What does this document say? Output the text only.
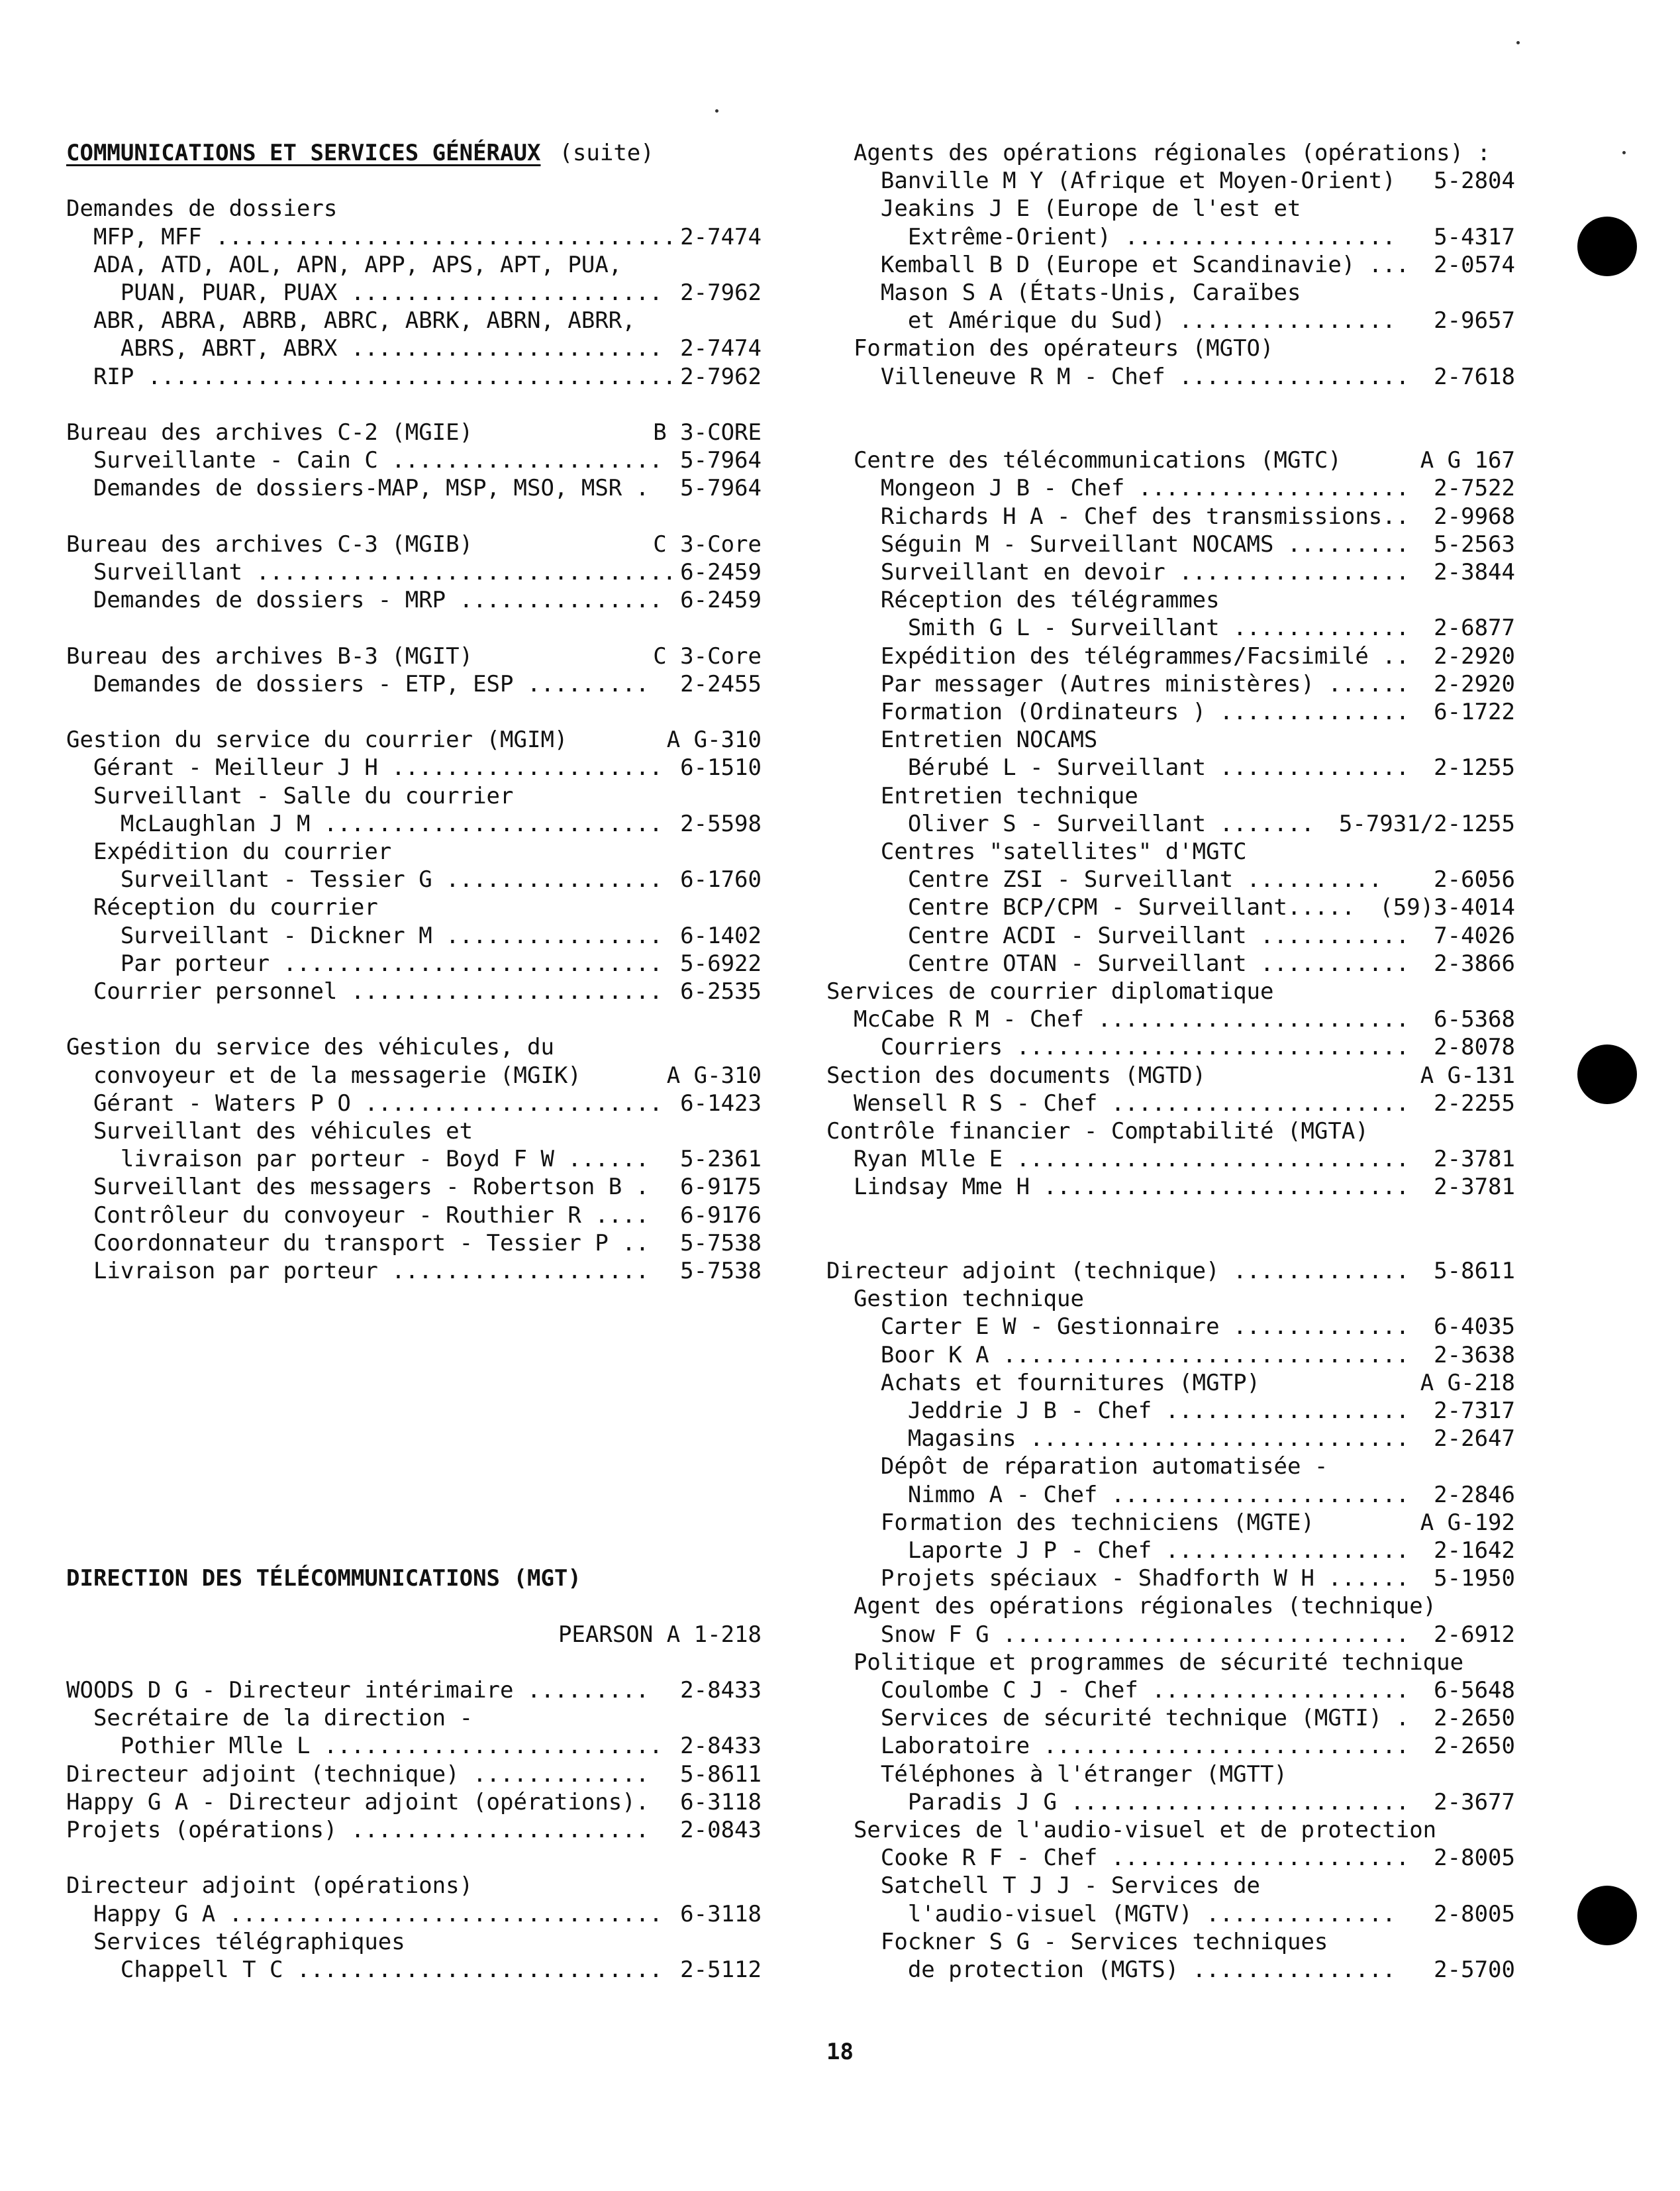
COMMUNICATIONS ET SERVICES GÉNÉRAUX (suite)
Demandes de dossiers
MFP, MFF .................................. 2-7474
ADA, ATD, AOL, APN, APP, APS, APT, PUA,
PUAN, PUAR, PUAX ....................... 2-7962
ABR, ABRA, ABRB, ABRC, ABRK, ABRN, ABRR,
ABRS, ABRT, ABRX ....................... 2-7474
RIP ....................................... 2-7962
Bureau des archives C-2 (MGIE)	B 3-CORE
Surveillante - Cain C .................... 5-7964
Demandes de dossiers-MAP, MSP, MSO, MSR . 5-7964
Bureau des archives C-3 (MGIB)	C 3-Core
Surveillant ............................... 6-2459
Demandes de dossiers - MRP ............... 6-2459
Bureau des archives B-3 (MGIT)	C 3-Core
Demandes de dossiers - ETP, ESP ......... 2-2455
Gestion du service du courrier (MGIM)	A G-310
Gérant - Meilleur J H .................... 6-1510
Surveillant - Salle du courrier
McLaughlan J M ......................... 2-5598
Expédition du courrier
Surveillant - Tessier G ................ 6-1760
Réception du courrier
Surveillant - Dickner M ................ 6-1402
Par porteur ............................ 5-6922
Courrier personnel ....................... 6-2535
Gestion du service des véhicules, du
convoyeur et de la messagerie (MGIK)	A G-310
Gérant - Waters P O ...................... 6-1423
Surveillant des véhicules et
livraison par porteur - Boyd F W ...... 5-2361
Surveillant des messagers - Robertson B . 6-9175
Contrôleur du convoyeur - Routhier R .... 6-9176
Coordonnateur du transport - Tessier P .. 5-7538
Livraison par porteur ................... 5-7538
DIRECTION DES TÉLÉCOMMUNICATIONS (MGT)
PEARSON A 1-218
WOODS D G - Directeur intérimaire ......... 2-8433
Secrétaire de la direction -
Pothier Mlle L ......................... 2-8433
Directeur adjoint (technique) ............. 5-8611
Happy G A - Directeur adjoint (opérations). 6-3118
Projets (opérations) ...................... 2-0843
Directeur adjoint (opérations)
Happy G A ................................ 6-3118
Services télégraphiques
Chappell T C ........................... 2-5112
Agents des opérations régionales (opérations) :
Banville M Y (Afrique et Moyen-Orient) 5-2804
Jeakins J E (Europe de l'est et
Extrême-Orient) .................... 5-4317
Kemball B D (Europe et Scandinavie) ... 2-0574
Mason S A (États-Unis, Caraïbes
et Amérique du Sud) ................ 2-9657
Formation des opérateurs (MGTO)
Villeneuve R M - Chef ................. 2-7618
Centre des télécommunications (MGTC)	A G 167
Mongeon J B - Chef .................... 2-7522
Richards H A - Chef des transmissions.. 2-9968
Séguin M - Surveillant NOCAMS ......... 5-2563
Surveillant en devoir ................. 2-3844
Réception des télégrammes
Smith G L - Surveillant ............. 2-6877
Expédition des télégrammes/Facsimilé .. 2-2920
Par messager (Autres ministères) ...... 2-2920
Formation (Ordinateurs ) .............. 6-1722
Entretien NOCAMS
Bérubé L - Surveillant .............. 2-1255
Entretien technique
Oliver S - Surveillant ....... 5-7931/2-1255
Centres "satellites" d'MGTC
Centre ZSI - Surveillant .......... 2-6056
Centre BCP/CPM - Surveillant..... (59)3-4014
Centre ACDI - Surveillant ........... 7-4026
Centre OTAN - Surveillant ........... 2-3866
Services de courrier diplomatique
McCabe R M - Chef ....................... 6-5368
Courriers ............................. 2-8078
Section des documents (MGTD)	A G-131
Wensell R S - Chef ...................... 2-2255
Contrôle financier - Comptabilité (MGTA)
Ryan Mlle E ............................. 2-3781
Lindsay Mme H ........................... 2-3781
Directeur adjoint (technique) ............. 5-8611
Gestion technique
Carter E W - Gestionnaire ............. 6-4035
Boor K A .............................. 2-3638
Achats et fournitures (MGTP)	A G-218
Jeddrie J B - Chef .................. 2-7317
Magasins ............................ 2-2647
Dépôt de réparation automatisée -
Nimmo A - Chef ...................... 2-2846
Formation des techniciens (MGTE)	A G-192
Laporte J P - Chef .................. 2-1642
Projets spéciaux - Shadforth W H ...... 5-1950
Agent des opérations régionales (technique)
Snow F G .............................. 2-6912
Politique et programmes de sécurité technique
Coulombe C J - Chef ................... 6-5648
Services de sécurité technique (MGTI) . 2-2650
Laboratoire ........................... 2-2650
Téléphones à l'étranger (MGTT)
Paradis J G ......................... 2-3677
Services de l'audio-visuel et de protection
Cooke R F - Chef ...................... 2-8005
Satchell T J J - Services de
l'audio-visuel (MGTV) .............. 2-8005
Fockner S G - Services techniques
de protection (MGTS) ............... 2-5700
18
